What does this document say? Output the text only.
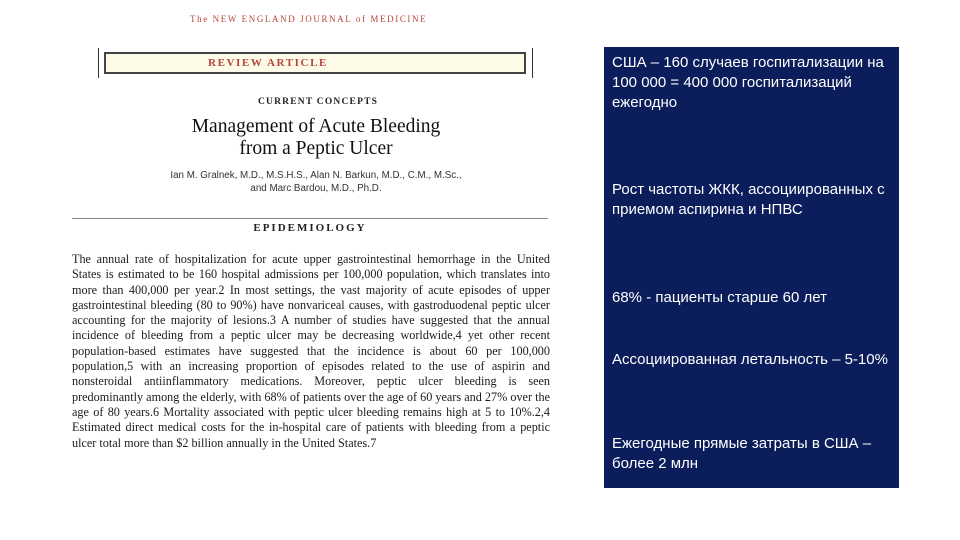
The NEW ENGLAND JOURNAL of MEDICINE
REVIEW ARTICLE
CURRENT CONCEPTS
Management of Acute Bleeding
from a Peptic Ulcer
Ian M. Gralnek, M.D., M.S.H.S., Alan N. Barkun, M.D., C.M., M.Sc.,
and Marc Bardou, M.D., Ph.D.
EPIDEMIOLOGY
The annual rate of hospitalization for acute upper gastrointestinal hemorrhage in the United States is estimated to be 160 hospital admissions per 100,000 population, which translates into more than 400,000 per year.2 In most settings, the vast majority of acute episodes of upper gastrointestinal bleeding (80 to 90%) have nonvariceal causes, with gastroduodenal peptic ulcer accounting for the majority of lesions.3 A number of studies have suggested that the annual incidence of bleeding from a peptic ulcer may be decreasing worldwide,4 yet other recent population-based estimates have suggested that the incidence is about 60 per 100,000 population,5 with an increasing proportion of episodes related to the use of aspirin and nonsteroidal antiinflammatory medications. Moreover, peptic ulcer bleeding is seen predominantly among the elderly, with 68% of patients over the age of 60 years and 27% over the age of 80 years.6 Mortality associated with peptic ulcer bleeding remains high at 5 to 10%.2,4 Estimated direct medical costs for the in-hospital care of patients with bleeding from a peptic ulcer total more than $2 billion annually in the United States.7
США – 160 случаев госпитализации на 100 000 = 400 000 госпитализаций ежегодно
Рост частоты ЖКК, ассоциированных с приемом аспирина и НПВС
68% - пациенты старше 60 лет
Ассоциированная летальность – 5-10%
Ежегодные прямые затраты в США – более 2 млн
